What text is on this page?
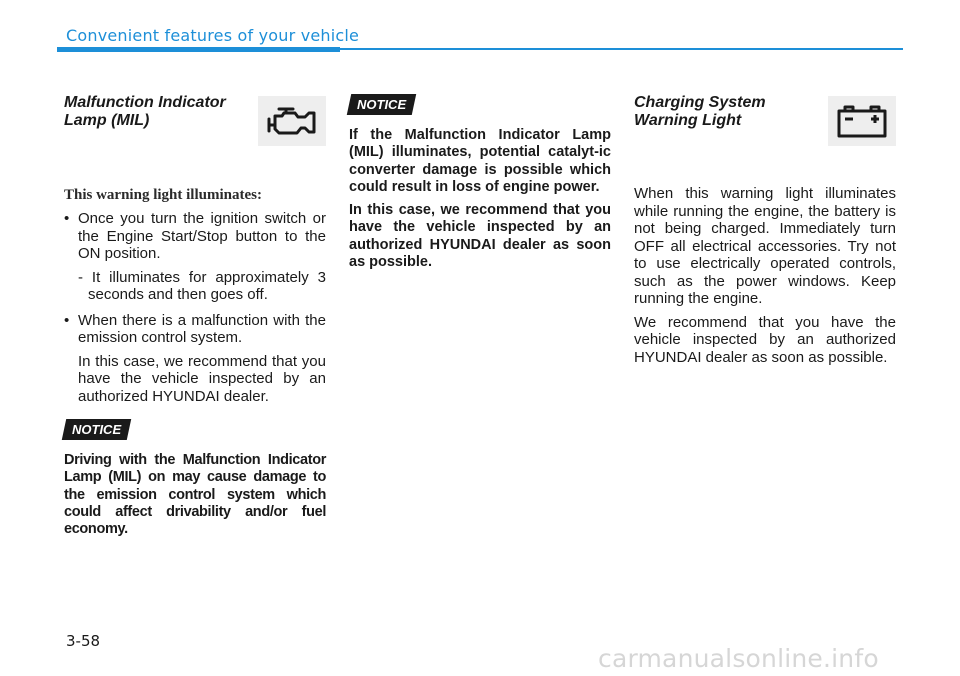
Convenient features of your vehicle
Malfunction Indicator
Lamp (MIL)
This warning light illuminates:
• Once you turn the ignition switch or the Engine Start/Stop button to the ON position.
- It illuminates for approximately 3 seconds and then goes off.
• When there is a malfunction with the emission control system.
In this case, we recommend that you have the vehicle inspected by an authorized HYUNDAI dealer.
NOTICE
Driving with the Malfunction Indicator Lamp (MIL) on may cause damage to the emission control system which could affect drivability and/or fuel economy.
NOTICE
If the Malfunction Indicator Lamp (MIL) illuminates, potential catalyt-ic converter damage is possible which could result in loss of engine power.
In this case, we recommend that you have the vehicle inspected by an authorized HYUNDAI dealer as soon as possible.
Charging System
Warning Light
When this warning light illuminates while running the engine, the battery is not being charged. Immediately turn OFF all electrical accessories. Try not to use electrically operated controls, such as the power windows. Keep running the engine.
We recommend that you have the vehicle inspected by an authorized HYUNDAI dealer as soon as possible.
3-58
carmanualsonline.info
